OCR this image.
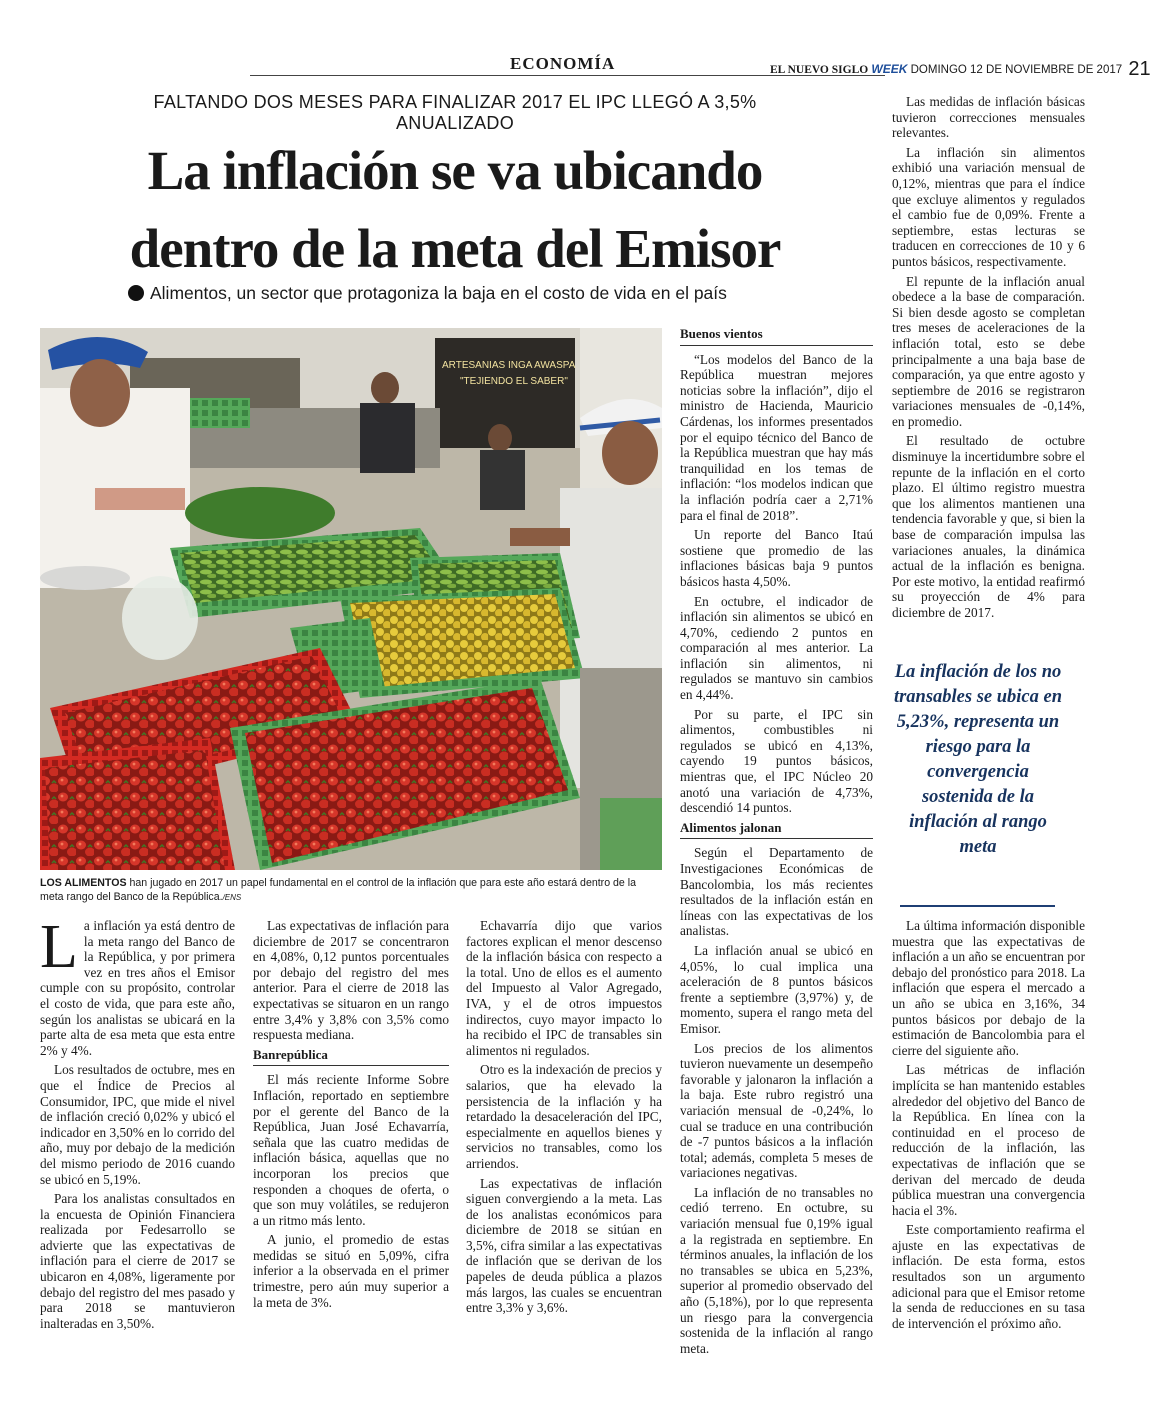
ECONOMÍA	EL NUEVO SIGLO WEEK DOMINGO 12 DE NOVIEMBRE DE 2017 21
FALTANDO DOS MESES PARA FINALIZAR 2017 EL IPC LLEGÓ A 3,5% ANUALIZADO
La inflación se va ubicando
dentro de la meta del Emisor
Alimentos, un sector que protagoniza la baja en el costo de vida en el país
ARTESANIAS INGA AWASPA
"TEJIENDO EL SABER"
LOS ALIMENTOS han jugado en 2017 un papel fundamental en el control de la inflación que para este año estará dentro de la meta rango del Banco de la República./ENS

La inflación ya está dentro de la meta rango del Banco de la República, y por primera vez en tres años el Emisor cumple con su propósito, controlar el costo de vida, que para este año, según los analistas se ubicará en la parte alta de esa meta que esta entre 2% y 4%.

Los resultados de octubre, mes en que el Índice de Precios al Consumidor, IPC, que mide el nivel de inflación creció 0,02% y ubicó el indicador en 3,50% en lo corrido del año, muy por debajo de la medición del mismo periodo de 2016 cuando se ubicó en 5,19%.

Para los analistas consultados en la encuesta de Opinión Financiera realizada por Fedesarrollo se advierte que las expectativas de inflación para el cierre de 2017 se ubicaron en 4,08%, ligeramente por debajo del registro del mes pasado y para 2018 se mantuvieron inalteradas en 3,50%.

Las expectativas de inflación para diciembre de 2017 se concentraron en 4,08%, 0,12 puntos porcentuales por debajo del registro del mes anterior. Para el cierre de 2018 las expectativas se situaron en un rango entre 3,4% y 3,8% con 3,5% como respuesta mediana.

Banrepública

El más reciente Informe Sobre Inflación, reportado en septiembre por el gerente del Banco de la República, Juan José Echavarría, señala que las cuatro medidas de inflación básica, aquellas que no incorporan los precios que responden a choques de oferta, o que son muy volátiles, se redujeron a un ritmo más lento.

A junio, el promedio de estas medidas se situó en 5,09%, cifra inferior a la observada en el primer trimestre, pero aún muy superior a la meta de 3%.

Echavarría dijo que varios factores explican el menor descenso de la inflación básica con respecto a la total. Uno de ellos es el aumento del Impuesto al Valor Agregado, IVA, y el de otros impuestos indirectos, cuyo mayor impacto lo ha recibido el IPC de transables sin alimentos ni regulados.

Otro es la indexación de precios y salarios, que ha elevado la persistencia de la inflación y ha retardado la desaceleración del IPC, especialmente en aquellos bienes y servicios no transables, como los arriendos.

Las expectativas de inflación siguen convergiendo a la meta. Las de los analistas económicos para diciembre de 2018 se sitúan en 3,5%, cifra similar a las expectativas de inflación que se derivan de los papeles de deuda pública a plazos más largos, las cuales se encuentran entre 3,3% y 3,6%.

Buenos vientos

“Los modelos del Banco de la República muestran mejores noticias sobre la inflación”, dijo el ministro de Hacienda, Mauricio Cárdenas, los informes presentados por el equipo técnico del Banco de la República muestran que hay más tranquilidad en los temas de inflación: “los modelos indican que la inflación podría caer a 2,71% para el final de 2018”.

Un reporte del Banco Itaú sostiene que promedio de las inflaciones básicas baja 9 puntos básicos hasta 4,50%.

En octubre, el indicador de inflación sin alimentos se ubicó en 4,70%, cediendo 2 puntos en comparación al mes anterior. La inflación sin alimentos, ni regulados se mantuvo sin cambios en 4,44%.

Por su parte, el IPC sin alimentos, combustibles ni regulados se ubicó en 4,13%, cayendo 19 puntos básicos, mientras que, el IPC Núcleo 20 anotó una variación de 4,73%, descendió 14 puntos.

Alimentos jalonan

Según el Departamento de Investigaciones Económicas de Bancolombia, los más recientes resultados de la inflación están en líneas con las expectativas de los analistas.

La inflación anual se ubicó en 4,05%, lo cual implica una aceleración de 8 puntos básicos frente a septiembre (3,97%) y, de momento, supera el rango meta del Emisor.

Los precios de los alimentos tuvieron nuevamente un desempeño favorable y jalonaron la inflación a la baja. Este rubro registró una variación mensual de -0,24%, lo cual se traduce en una contribución de -7 puntos básicos a la inflación total; además, completa 5 meses de variaciones negativas.

La inflación de no transables no cedió terreno. En octubre, su variación mensual fue 0,19% igual a la registrada en septiembre. En términos anuales, la inflación de los no transables se ubica en 5,23%, superior al promedio observado del año (5,18%), por lo que representa un riesgo para la convergencia sostenida de la inflación al rango meta.

Las medidas de inflación básicas tuvieron correcciones mensuales relevantes.

La inflación sin alimentos exhibió una variación mensual de 0,12%, mientras que para el índice que excluye alimentos y regulados el cambio fue de 0,09%. Frente a septiembre, estas lecturas se traducen en correcciones de 10 y 6 puntos básicos, respectivamente.

El repunte de la inflación anual obedece a la base de comparación. Si bien desde agosto se completan tres meses de aceleraciones de la inflación total, esto se debe principalmente a una baja base de comparación, ya que entre agosto y septiembre de 2016 se registraron variaciones mensuales de -0,14%, en promedio.

El resultado de octubre disminuye la incertidumbre sobre el repunte de la inflación en el corto plazo. El último registro muestra que los alimentos mantienen una tendencia favorable y que, si bien la base de comparación impulsa las variaciones anuales, la dinámica actual de la inflación es benigna. Por este motivo, la entidad reafirmó su proyección de 4% para diciembre de 2017.

La inflación de los no transables se ubica en 5,23%, representa un riesgo para la convergencia sostenida de la inflación al rango meta

La última información disponible muestra que las expectativas de inflación a un año se encuentran por debajo del pronóstico para 2018. La inflación que espera el mercado a un año se ubica en 3,16%, 34 puntos básicos por debajo de la estimación de Bancolombia para el cierre del siguiente año.

Las métricas de inflación implícita se han mantenido estables alrededor del objetivo del Banco de la República. En línea con la continuidad en el proceso de reducción de la inflación, las expectativas de inflación que se derivan del mercado de deuda pública muestran una convergencia hacia el 3%.

Este comportamiento reafirma el ajuste en las expectativas de inflación. De esta forma, estos resultados son un argumento adicional para que el Emisor retome la senda de reducciones en su tasa de intervención el próximo año.
